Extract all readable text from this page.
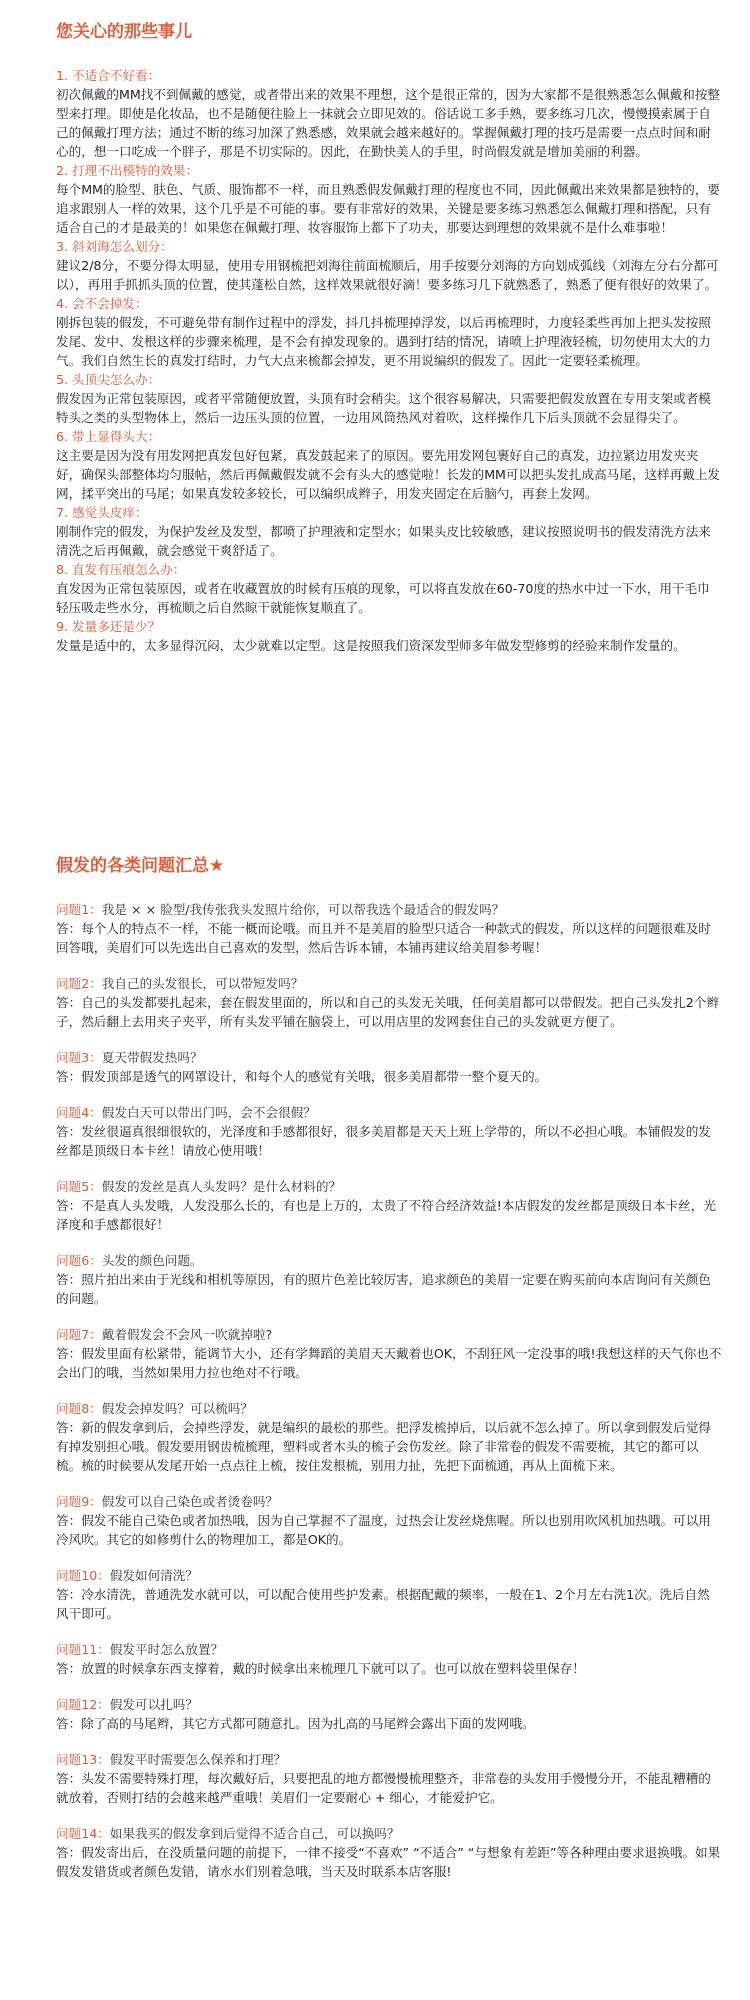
您关心的那些事儿
1. 不适合不好看：

初次佩戴的MM找不到佩戴的感觉，或者带出来的效果不理想，这个是很正常的，因为大家都不是很熟悉怎么佩戴和按整型来打理。即使是化妆品，也不是随便往脸上一抹就会立即见效的。俗话说工多手熟，要多练习几次，慢慢摸索属于自己的佩戴打理方法；通过不断的练习加深了熟悉感，效果就会越来越好的。掌握佩戴打理的技巧是需要一点点时间和耐心的，想一口吃成一个胖子，那是不切实际的。因此，在勤快美人的手里，时尚假发就是增加美丽的利器。

2. 打理不出模特的效果：

每个MM的脸型、肤色、气质、服饰都不一样，而且熟悉假发佩戴打理的程度也不同，因此佩戴出来效果都是独特的，要追求跟别人一样的效果，这个几乎是不可能的事。要有非常好的效果，关键是要多练习熟悉怎么佩戴打理和搭配，只有适合自己的才是最美的！如果您在佩戴打理、妆容服饰上都下了功夫，那要达到理想的效果就不是什么难事啦！

3. 斜刘海怎么划分：

建议2/8分，不要分得太明显，使用专用钢梳把刘海往前面梳顺后，用手按要分刘海的方向划成弧线（刘海左分右分都可以），再用手抓抓头顶的位置，使其蓬松自然，这样效果就很好滴！要多练习几下就熟悉了，熟悉了便有很好的效果了。

4. 会不会掉发：

刚拆包装的假发，不可避免带有制作过程中的浮发，抖几抖梳理掉浮发，以后再梳理时，力度轻柔些再加上把头发按照发尾、发中、发根这样的步骤来梳理，是不会有掉发现象的。遇到打结的情况，请喷上护理液轻梳，切勿使用太大的力气。我们自然生长的真发打结时，力气大点来梳都会掉发，更不用说编织的假发了。因此一定要轻柔梳理。

5. 头顶尖怎么办：

假发因为正常包装原因，或者平常随便放置，头顶有时会稍尖。这个很容易解决，只需要把假发放置在专用支架或者模特头之类的头型物体上，然后一边压头顶的位置，一边用风筒热风对着吹，这样操作几下后头顶就不会显得尖了。

6. 带上显得头大：

这主要是因为没有用发网把真发包好包紧，真发鼓起来了的原因。要先用发网包裹好自己的真发，边拉紧边用发夹夹好，确保头部整体均匀服帖，然后再佩戴假发就不会有头大的感觉啦！长发的MM可以把头发扎成高马尾，这样再戴上发网，揉平突出的马尾；如果真发较多较长，可以编织成辫子，用发夹固定在后脑勺，再套上发网。

7. 感觉头皮痒：

刚制作完的假发，为保护发丝及发型，都喷了护理液和定型水；如果头皮比较敏感，建议按照说明书的假发清洗方法来清洗之后再佩戴，就会感觉干爽舒适了。

8. 直发有压痕怎么办：

直发因为正常包装原因，或者在收藏置放的时候有压痕的现象，可以将直发放在60-70度的热水中过一下水，用干毛巾轻压吸走些水分，再梳顺之后自然晾干就能恢复顺直了。

9. 发量多还是少？

发量是适中的，太多显得沉闷，太少就难以定型。这是按照我们资深发型师多年做发型修剪的经验来制作发量的。

假发的各类问题汇总★
问题1：我是 × × 脸型/我传张我头发照片给你，可以帮我选个最适合的假发吗？

答：每个人的特点不一样，不能一概而论哦。而且并不是美眉的脸型只适合一种款式的假发，所以这样的问题很难及时回答哦，美眉们可以先选出自己喜欢的发型，然后告诉本铺，本铺再建议给美眉参考喔！

问题2：我自己的头发很长，可以带短发吗？

答：自己的头发都要扎起来，套在假发里面的，所以和自己的头发无关哦，任何美眉都可以带假发。把自己头发扎2个辫子，然后翻上去用夹子夹平，所有头发平铺在脑袋上，可以用店里的发网套住自己的头发就更方便了。

问题3：夏天带假发热吗？

答：假发顶部是透气的网罩设计，和每个人的感觉有关哦，很多美眉都带一整个夏天的。

问题4：假发白天可以带出门吗，会不会很假？

答：发丝很逼真很细很软的，光泽度和手感都很好，很多美眉都是天天上班上学带的，所以不必担心哦。本铺假发的发丝都是顶级日本卡丝！请放心使用哦！

问题5：假发的发丝是真人头发吗？是什么材料的？

答：不是真人头发哦，人发没那么长的，有也是上万的，太贵了不符合经济效益!本店假发的发丝都是顶级日本卡丝，光泽度和手感都很好！

问题6：头发的颜色问题。

答：照片拍出来由于光线和相机等原因，有的照片色差比较厉害，追求颜色的美眉一定要在购买前向本店询问有关颜色的问题。

问题7：戴着假发会不会风一吹就掉啦?

答：假发里面有松紧带，能调节大小，还有学舞蹈的美眉天天戴着也OK，不刮狂风一定没事的哦!我想这样的天气你也不会出门的哦，当然如果用力拉也绝对不行哦。

问题8：假发会掉发吗？可以梳吗？

答：新的假发拿到后，会掉些浮发，就是编织的最松的那些。把浮发梳掉后，以后就不怎么掉了。所以拿到假发后觉得有掉发别担心哦。假发要用钢齿梳梳理，塑料或者木头的梳子会伤发丝。除了非常卷的假发不需要梳，其它的都可以梳。梳的时候要从发尾开始一点点往上梳，按住发根梳，别用力扯，先把下面梳通，再从上面梳下来。

问题9：假发可以自己染色或者烫卷吗？

答：假发不能自己染色或者加热哦，因为自己掌握不了温度，过热会让发丝烧焦喔。所以也别用吹风机加热哦。可以用冷风吹。其它的如修剪什么的物理加工，都是OK的。

问题10：假发如何清洗？

答：冷水清洗，普通洗发水就可以，可以配合使用些护发素。根据配戴的频率，一般在1、2个月左右洗1次。洗后自然风干即可。

问题11：假发平时怎么放置？

答：放置的时候拿东西支撑着，戴的时候拿出来梳理几下就可以了。也可以放在塑料袋里保存！

问题12：假发可以扎吗？

答：除了高的马尾辫，其它方式都可随意扎。因为扎高的马尾辫会露出下面的发网哦。

问题13：假发平时需要怎么保养和打理？

答：头发不需要特殊打理，每次戴好后，只要把乱的地方都慢慢梳理整齐，非常卷的头发用手慢慢分开，不能乱糟糟的就放着，否则打结的会越来越严重哦！美眉们一定要耐心 + 细心，才能爱护它。

问题14：如果我买的假发拿到后觉得不适合自己，可以换吗？

答：假发寄出后，在没质量问题的前提下，一律不接受“不喜欢” “不适合” “与想象有差距”等各种理由要求退换哦。如果假发发错货或者颜色发错，请水水们别着急哦，当天及时联系本店客服!
